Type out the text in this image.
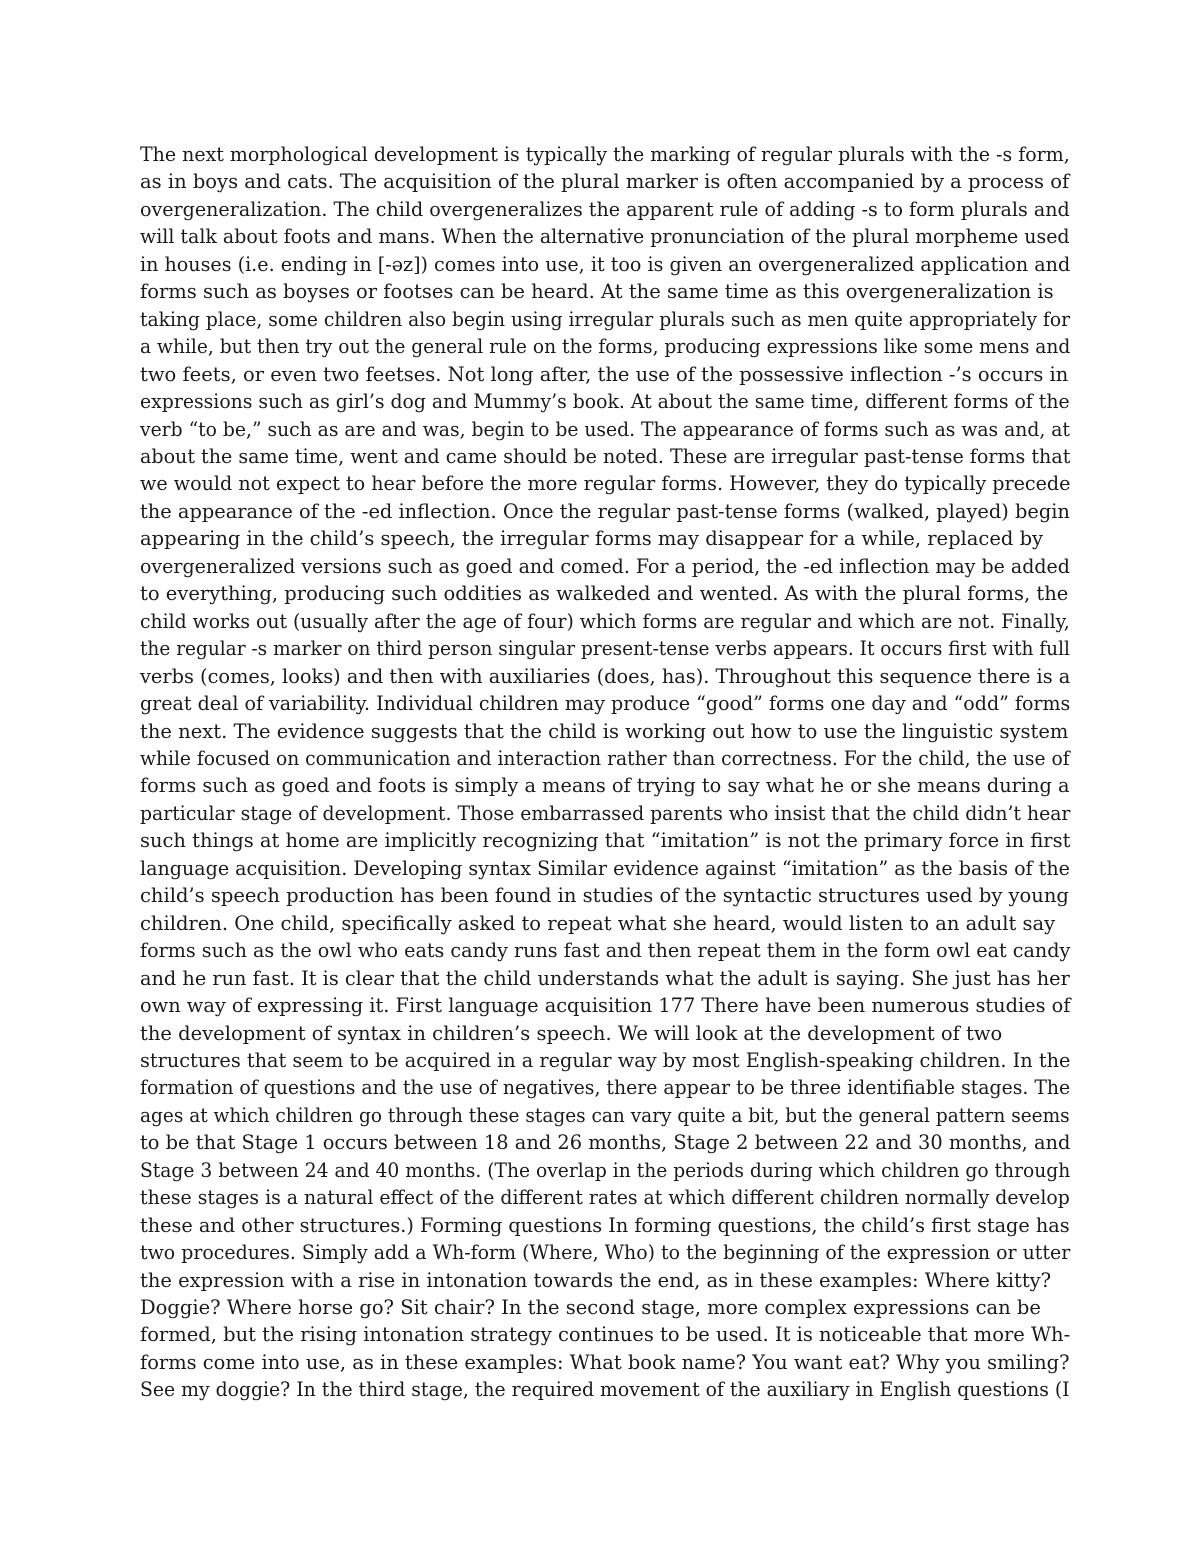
The next morphological development is typically the marking of regular plurals with the -s form,
as in boys and cats. The acquisition of the plural marker is often accompanied by a process of
overgeneralization. The child overgeneralizes the apparent rule of adding -s to form plurals and
will talk about foots and mans. When the alternative pronunciation of the plural morpheme used
in houses (i.e. ending in [-əz]) comes into use, it too is given an overgeneralized application and
forms such as boyses or footses can be heard. At the same time as this overgeneralization is
taking place, some children also begin using irregular plurals such as men quite appropriately for
a while, but then try out the general rule on the forms, producing expressions like some mens and
two feets, or even two feetses. Not long after, the use of the possessive inflection -’s occurs in
expressions such as girl’s dog and Mummy’s book. At about the same time, different forms of the
verb “to be,” such as are and was, begin to be used. The appearance of forms such as was and, at
about the same time, went and came should be noted. These are irregular past-tense forms that
we would not expect to hear before the more regular forms. However, they do typically precede
the appearance of the -ed inflection. Once the regular past-tense forms (walked, played) begin
appearing in the child’s speech, the irregular forms may disappear for a while, replaced by
overgeneralized versions such as goed and comed. For a period, the -ed inflection may be added
to everything, producing such oddities as walkeded and wented. As with the plural forms, the
child works out (usually after the age of four) which forms are regular and which are not. Finally,
the regular -s marker on third person singular present-tense verbs appears. It occurs first with full
verbs (comes, looks) and then with auxiliaries (does, has). Throughout this sequence there is a
great deal of variability. Individual children may produce “good” forms one day and “odd” forms
the next. The evidence suggests that the child is working out how to use the linguistic system
while focused on communication and interaction rather than correctness. For the child, the use of
forms such as goed and foots is simply a means of trying to say what he or she means during a
particular stage of development. Those embarrassed parents who insist that the child didn’t hear
such things at home are implicitly recognizing that “imitation” is not the primary force in first
language acquisition. Developing syntax Similar evidence against “imitation” as the basis of the
child’s speech production has been found in studies of the syntactic structures used by young
children. One child, specifically asked to repeat what she heard, would listen to an adult say
forms such as the owl who eats candy runs fast and then repeat them in the form owl eat candy
and he run fast. It is clear that the child understands what the adult is saying. She just has her
own way of expressing it. First language acquisition 177 There have been numerous studies of
the development of syntax in children’s speech. We will look at the development of two
structures that seem to be acquired in a regular way by most English-speaking children. In the
formation of questions and the use of negatives, there appear to be three identifiable stages. The
ages at which children go through these stages can vary quite a bit, but the general pattern seems
to be that Stage 1 occurs between 18 and 26 months, Stage 2 between 22 and 30 months, and
Stage 3 between 24 and 40 months. (The overlap in the periods during which children go through
these stages is a natural effect of the different rates at which different children normally develop
these and other structures.) Forming questions In forming questions, the child’s first stage has
two procedures. Simply add a Wh-form (Where, Who) to the beginning of the expression or utter
the expression with a rise in intonation towards the end, as in these examples: Where kitty?
Doggie? Where horse go? Sit chair? In the second stage, more complex expressions can be
formed, but the rising intonation strategy continues to be used. It is noticeable that more Wh-
forms come into use, as in these examples: What book name? You want eat? Why you smiling?
See my doggie? In the third stage, the required movement of the auxiliary in English questions (I
